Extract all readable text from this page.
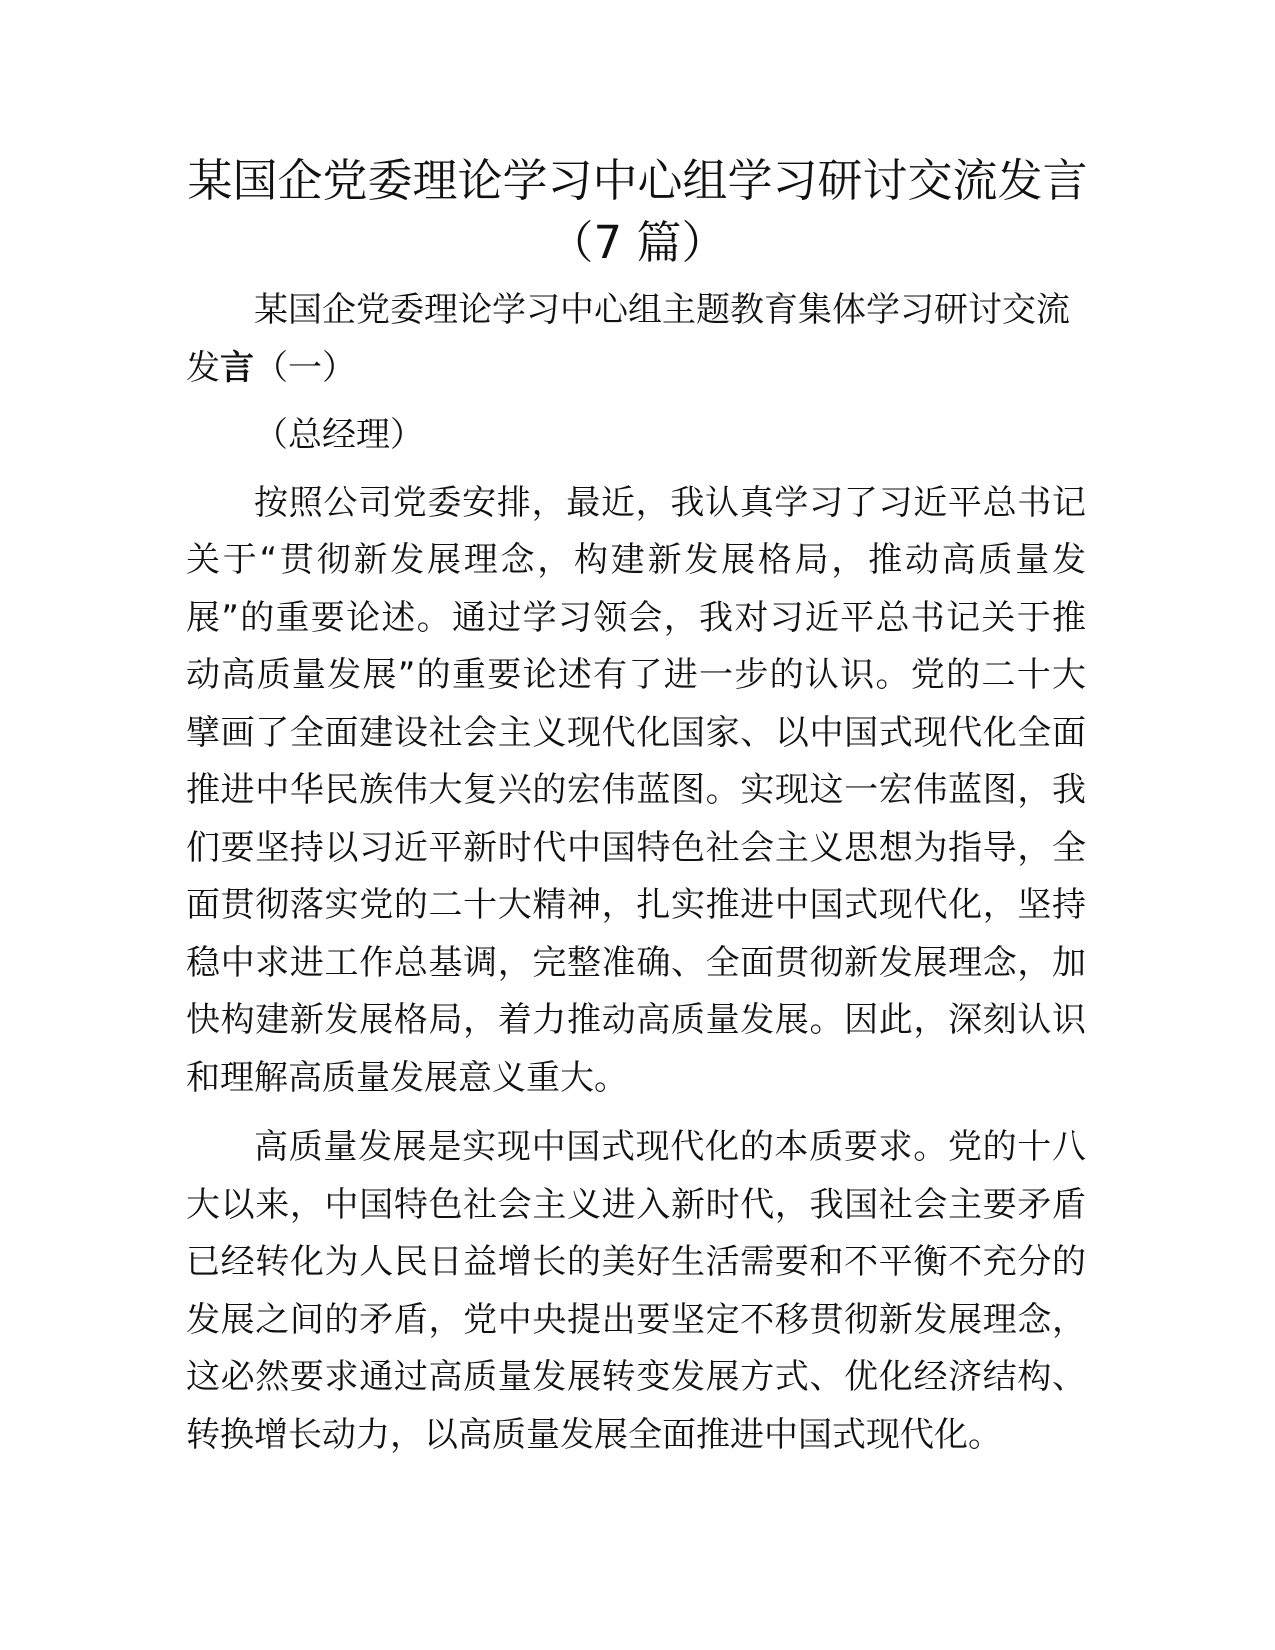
某国企党委理论学习中心组学习研讨交流发言
（7 篇）

某国企党委理论学习中心组主题教育集体学习研讨交流发言（一）

（总经理）

按照公司党委安排，最近，我认真学习了习近平总书记关于“贯彻新发展理念，构建新发展格局，推动高质量发展”的重要论述。通过学习领会，我对习近平总书记关于推动高质量发展”的重要论述有了进一步的认识。党的二十大擘画了全面建设社会主义现代化国家、以中国式现代化全面推进中华民族伟大复兴的宏伟蓝图。实现这一宏伟蓝图，我们要坚持以习近平新时代中国特色社会主义思想为指导，全面贯彻落实党的二十大精神，扎实推进中国式现代化，坚持稳中求进工作总基调，完整准确、全面贯彻新发展理念，加快构建新发展格局，着力推动高质量发展。因此，深刻认识和理解高质量发展意义重大。

高质量发展是实现中国式现代化的本质要求。党的十八大以来，中国特色社会主义进入新时代，我国社会主要矛盾已经转化为人民日益增长的美好生活需要和不平衡不充分的发展之间的矛盾，党中央提出要坚定不移贯彻新发展理念，这必然要求通过高质量发展转变发展方式、优化经济结构、转换增长动力，以高质量发展全面推进中国式现代化。
